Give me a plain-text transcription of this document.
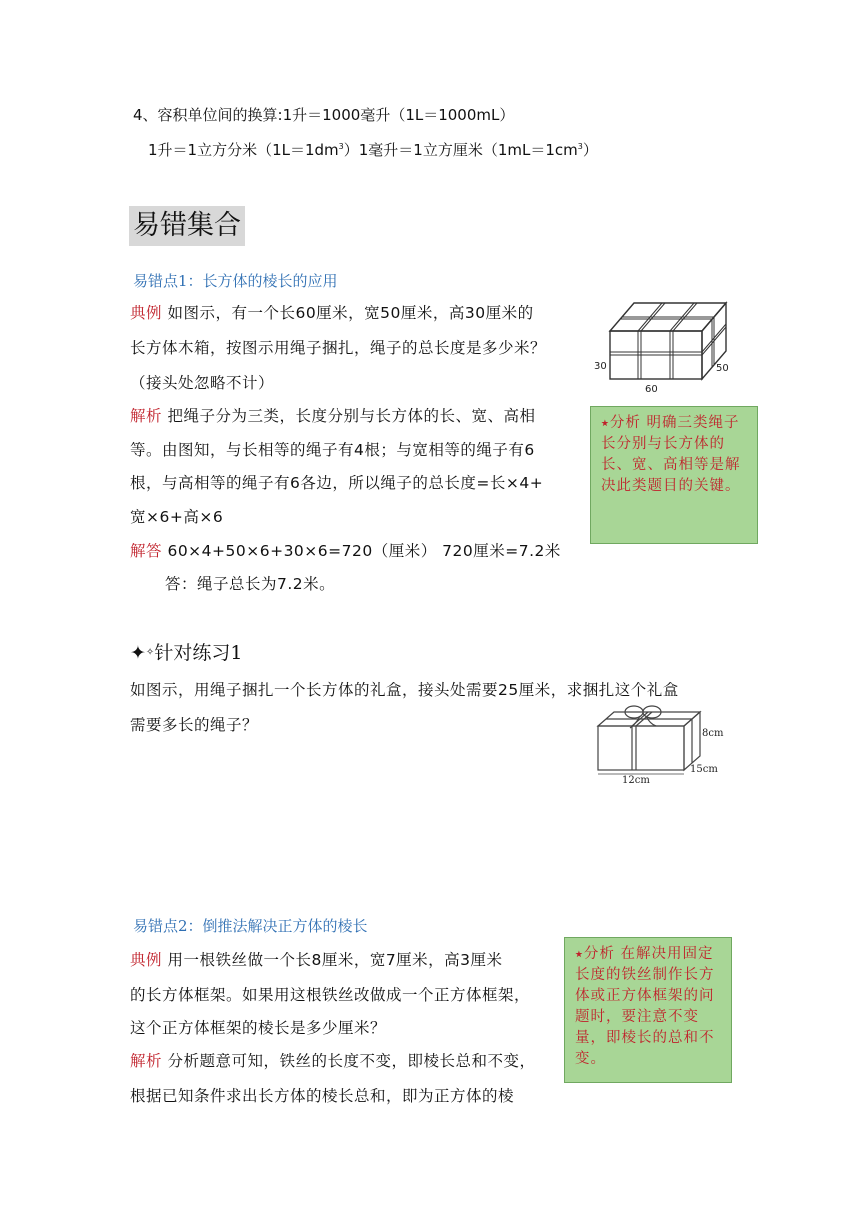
4、容积单位间的换算:1升＝1000毫升（1L＝1000mL）
1升＝1立方分米$(1L=1dm^3)1$毫升＝1立方厘米$(1mL=1cm^3)$
易错集合
易错点1：长方体的棱长的应用
典例 如图示，有一个长60厘米，宽50厘米，高30厘米的
长方体木箱，按图示用绳子捆扎，绳子的总长度是多少米？
（接头处忽略不计）
解析 把绳子分为三类，长度分别与长方体的长、宽、高相
等。由图知，与长相等的绳子有4根；与宽相等的绳子有6
根，与高相等的绳子有6各边，所以绳子的总长度=长×4+
宽×6+高×6
解答 60×4+50×6+30×6=720（厘米） 720厘米=7.2米
答：绳子总长为7.2米。
30
60
50
⭑分析 明确三类绳子长分别与长方体的长、宽、高相等是解决此类题目的关键。
✦✧针对练习1
如图示，用绳子捆扎一个长方体的礼盒，接头处需要25厘米，求捆扎这个礼盒
需要多长的绳子？	8cm
15cm
12cm
易错点2：倒推法解决正方体的棱长
典例 用一根铁丝做一个长8厘米，宽7厘米，高3厘米
的长方体框架。如果用这根铁丝改做成一个正方体框架，
这个正方体框架的棱长是多少厘米？
解析 分析题意可知，铁丝的长度不变，即棱长总和不变，
根据已知条件求出长方体的棱长总和，即为正方体的棱
⭑分析 在解决用固定长度的铁丝制作长方体或正方体框架的问题时，要注意不变量，即棱长的总和不变。
